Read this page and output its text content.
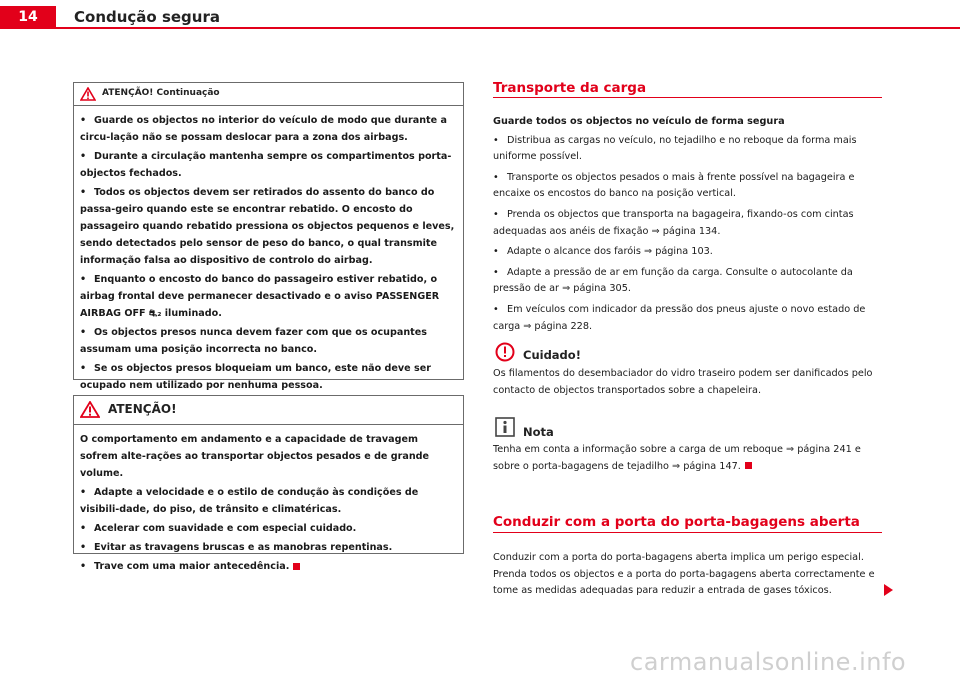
14	Condução segura
ATENÇÃO! Continuação

• Guarde os objectos no interior do veículo de modo que durante a circu-lação não se possam deslocar para a zona dos airbags.

• Durante a circulação mantenha sempre os compartimentos porta-objectos fechados.

• Todos os objectos devem ser retirados do assento do banco do passa-geiro quando este se encontrar rebatido. O encosto do passageiro quando rebatido pressiona os objectos pequenos e leves, sendo detectados pelo sensor de peso do banco, o qual transmite informação falsa ao dispositivo de controlo do airbag.

• Enquanto o encosto do banco do passageiro estiver rebatido, o airbag frontal deve permanecer desactivado e o aviso PASSENGER AIRBAG OFF ⛐₂ iluminado.

• Os objectos presos nunca devem fazer com que os ocupantes assumam uma posição incorrecta no banco.

• Se os objectos presos bloqueiam um banco, este não deve ser ocupado nem utilizado por nenhuma pessoa.

ATENÇÃO!

O comportamento em andamento e a capacidade de travagem sofrem alte-rações ao transportar objectos pesados e de grande volume.

• Adapte a velocidade e o estilo de condução às condições de visibili-dade, do piso, de trânsito e climatéricas.

• Acelerar com suavidade e com especial cuidado.

• Evitar as travagens bruscas e as manobras repentinas.

• Trave com uma maior antecedência.

Transporte da carga
Guarde todos os objectos no veículo de forma segura
• Distribua as cargas no veículo, no tejadilho e no reboque da forma mais uniforme possível.
• Transporte os objectos pesados o mais à frente possível na bagageira e encaixe os encostos do banco na posição vertical.
• Prenda os objectos que transporta na bagageira, fixando-os com cintas adequadas aos anéis de fixação ⇒ página 134.
• Adapte o alcance dos faróis ⇒ página 103.
• Adapte a pressão de ar em função da carga. Consulte o autocolante da pressão de ar ⇒ página 305.
• Em veículos com indicador da pressão dos pneus ajuste o novo estado de carga ⇒ página 228.
Cuidado!
Os filamentos do desembaciador do vidro traseiro podem ser danificados pelo contacto de objectos transportados sobre a chapeleira.
Nota
Tenha em conta a informação sobre a carga de um reboque ⇒ página 241 e sobre o porta-bagagens de tejadilho ⇒ página 147.
Conduzir com a porta do porta-bagagens aberta
Conduzir com a porta do porta-bagagens aberta implica um perigo especial. Prenda todos os objectos e a porta do porta-bagagens aberta correctamente e tome as medidas adequadas para reduzir a entrada de gases tóxicos.
carmanualsonline.info
